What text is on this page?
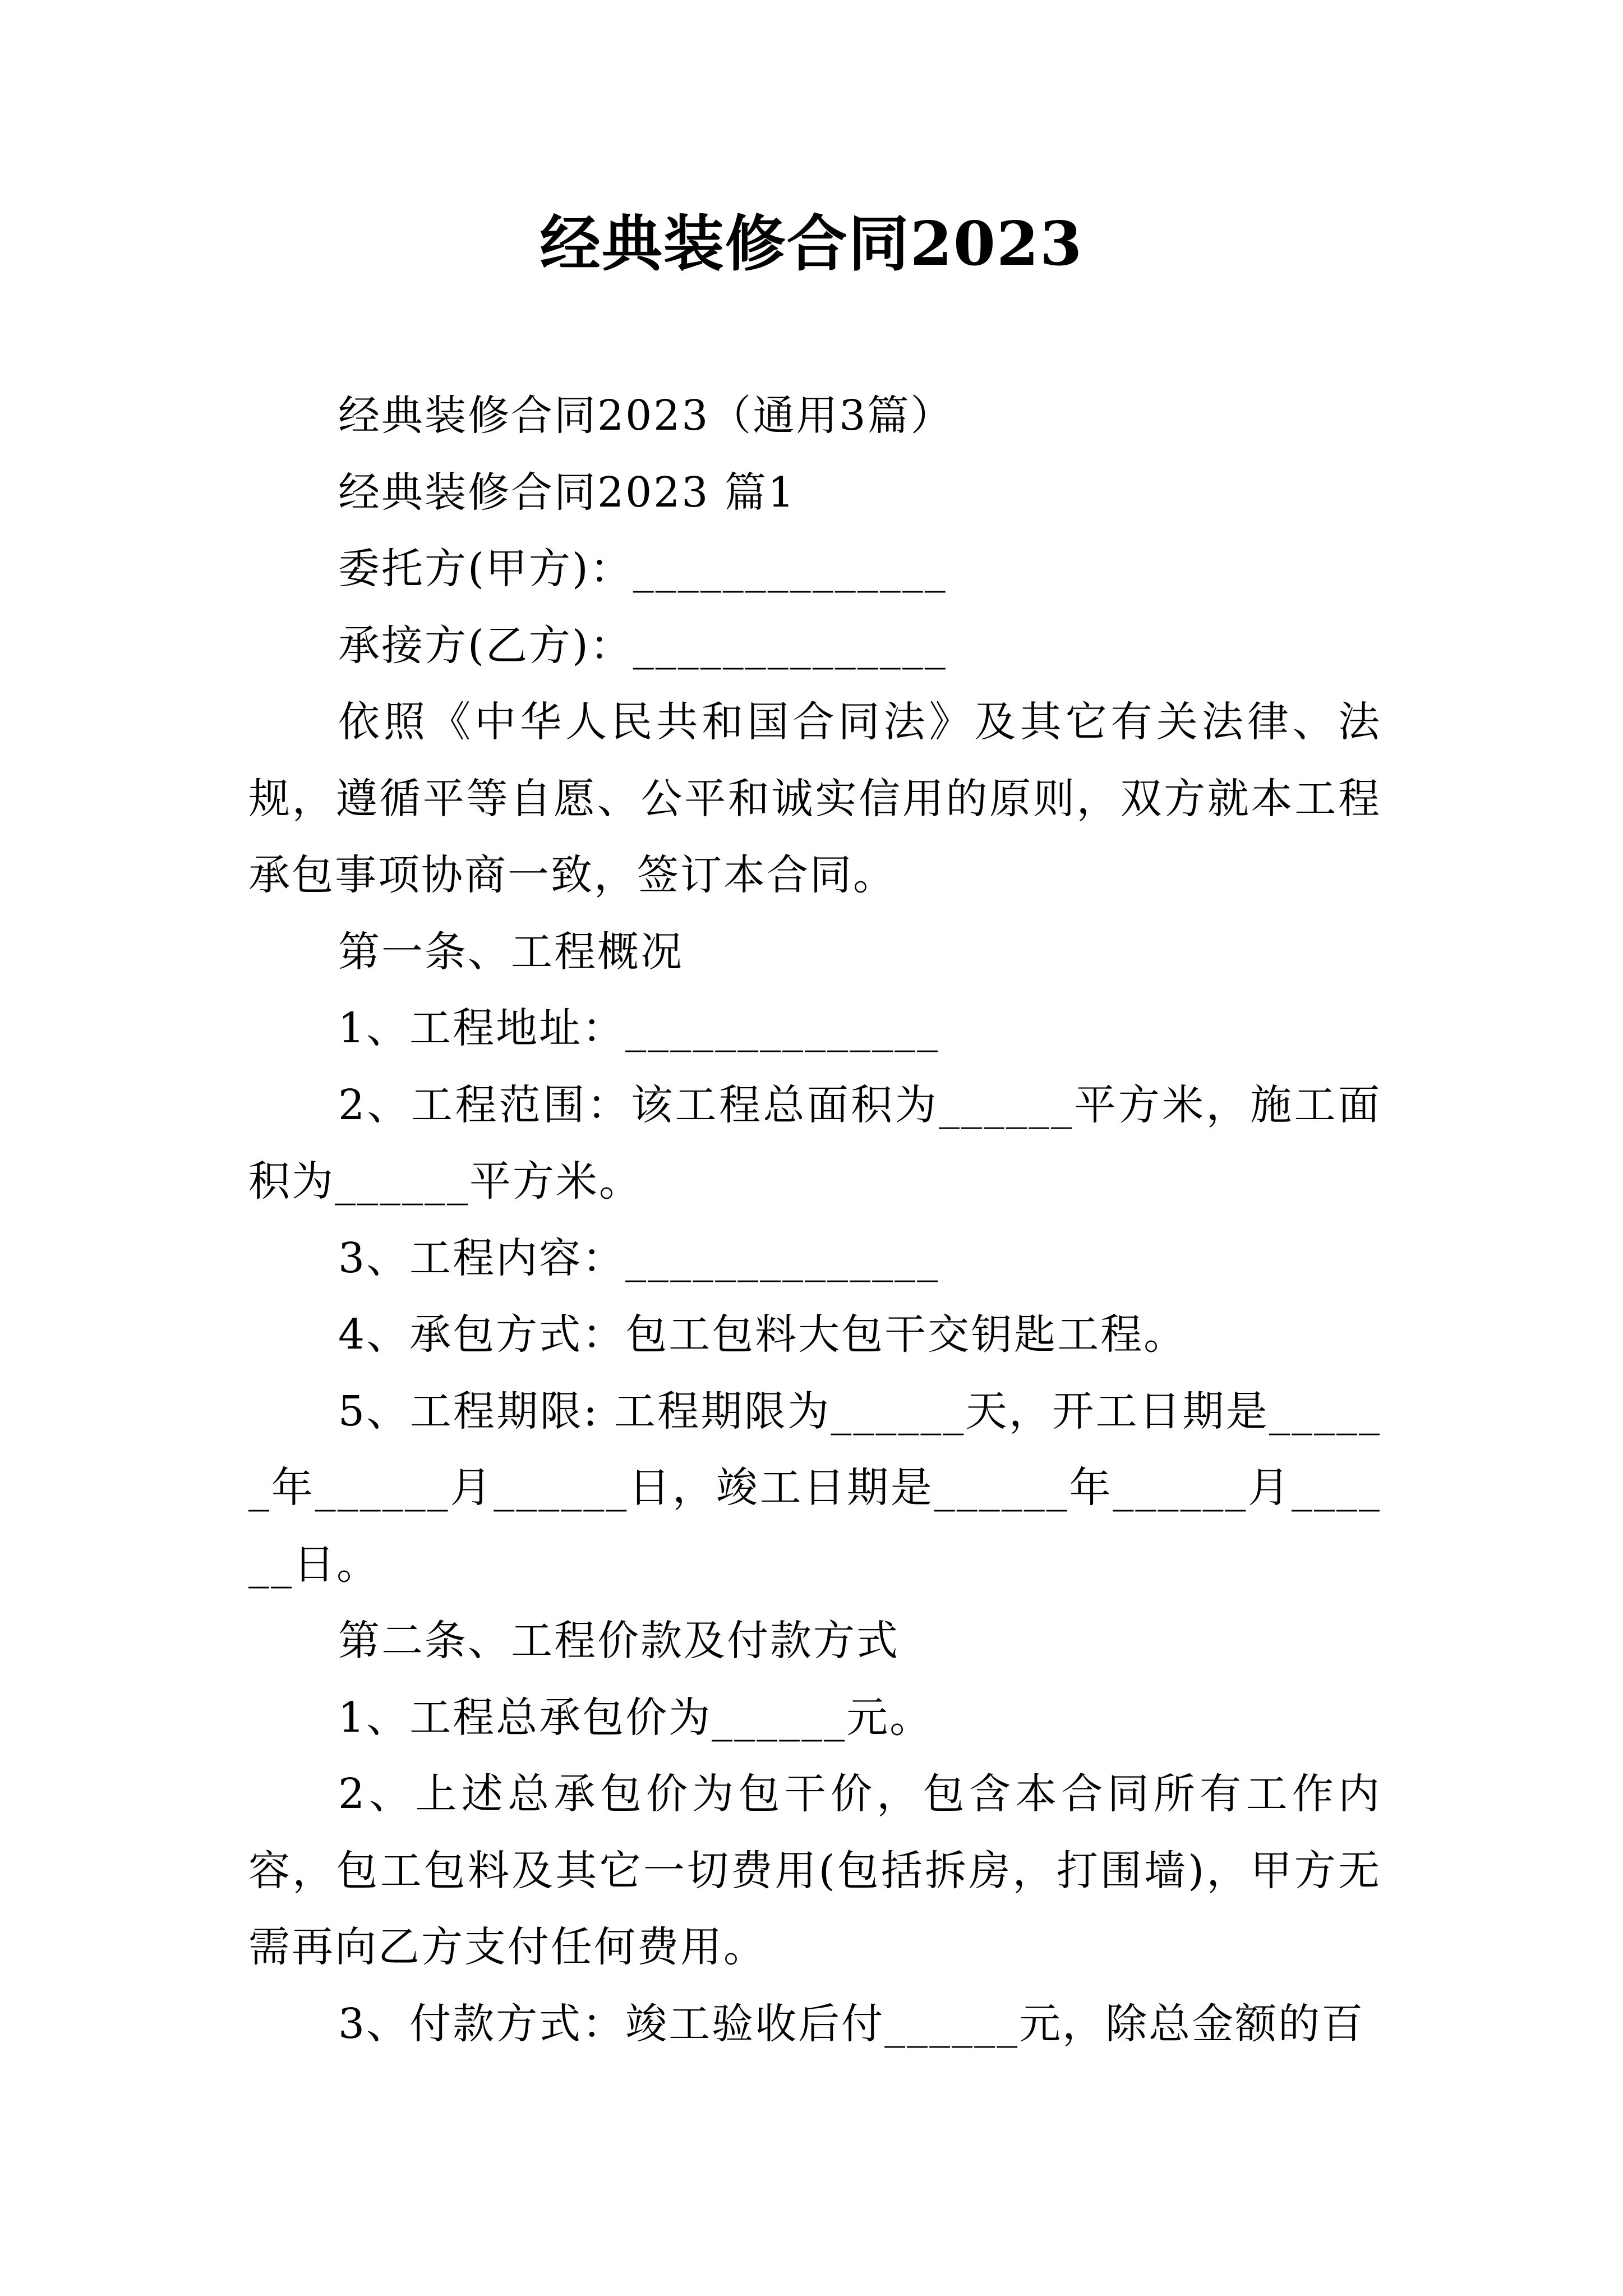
经典装修合同2023

经典装修合同2023（通用3篇）

经典装修合同2023 篇1

委托方(甲方)：______________

承接方(乙方)：______________

依照《中华人民共和国合同法》及其它有关法律、法规，遵循平等自愿、公平和诚实信用的原则，双方就本工程承包事项协商一致，签订本合同。

第一条、工程概况

1、工程地址：______________

2、工程范围：该工程总面积为______平方米，施工面积为______平方米。

3、工程内容：______________

4、承包方式：包工包料大包干交钥匙工程。

5、工程期限: 工程期限为______天，开工日期是______年______月______日，竣工日期是______年______月______日。

第二条、工程价款及付款方式

1、工程总承包价为______元。

2、上述总承包价为包干价，包含本合同所有工作内容，包工包料及其它一切费用(包括拆房，打围墙)，甲方无需再向乙方支付任何费用。

3、付款方式：竣工验收后付______元，除总金额的百
